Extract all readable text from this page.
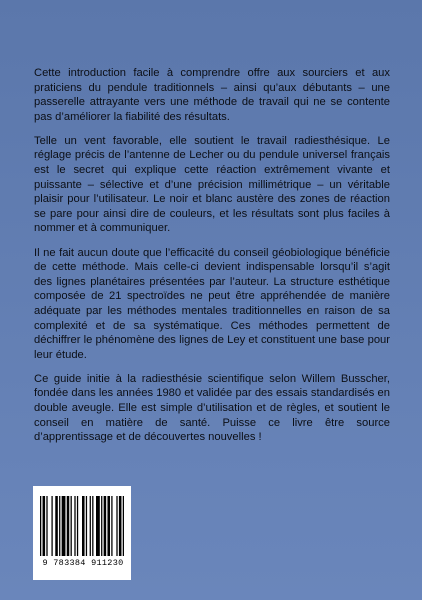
Cette introduction facile à comprendre offre aux sourciers et aux praticiens du pendule traditionnels – ainsi qu’aux débutants – une passerelle attrayante vers une méthode de travail qui ne se contente pas d’améliorer la fiabilité des résultats.

Telle un vent favorable, elle soutient le travail radiesthésique. Le réglage précis de l’antenne de Lecher ou du pendule universel français est le secret qui explique cette réaction extrêmement vivante et puissante – sélective et d’une précision millimétrique – un véritable plaisir pour l’utilisateur. Le noir et blanc austère des zones de réaction se pare pour ainsi dire de couleurs, et les résultats sont plus faciles à nommer et à communiquer.

Il ne fait aucun doute que l’efficacité du conseil géobiologique bénéficie de cette méthode. Mais celle-ci devient indispensable lorsqu’il s’agit des lignes planétaires présentées par l’auteur. La structure esthétique composée de 21 spectroïdes ne peut être appréhendée de manière adéquate par les méthodes mentales traditionnelles en raison de sa complexité et de sa systématique. Ces méthodes permettent de déchiffrer le phénomène des lignes de Ley et constituent une base pour leur étude.

Ce guide initie à la radiesthésie scientifique selon Willem Busscher, fondée dans les années 1980 et validée par des essais standardisés en double aveugle. Elle est simple d’utilisation et de règles, et soutient le conseil en matière de santé. Puisse ce livre être source d’apprentissage et de découvertes nouvelles !

9 783384 911230
